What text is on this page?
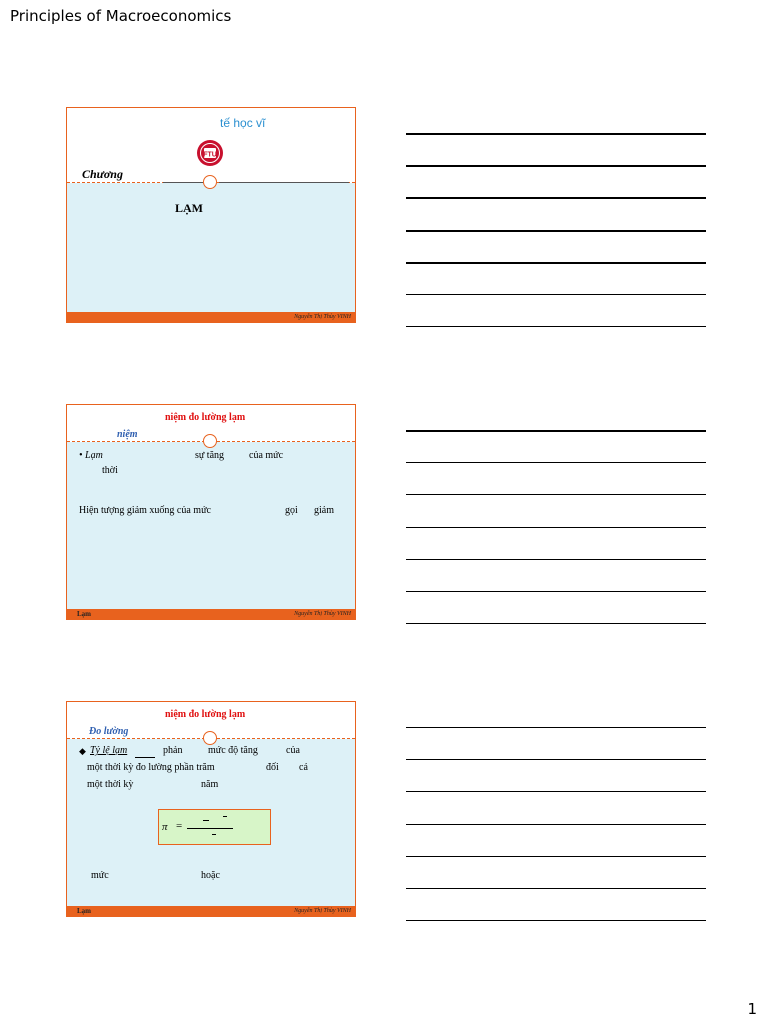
Principles of Macroeconomics
1
tế học vĩ
FTU
Chương
LẠM
Nguyễn Thị Thùy VINH
niệm đo lường lạm
niệm
• Lạm	sự tăng của mức
thời
Hiện tượng giảm xuống của mức	gọi giảm
Lạm	Nguyễn Thị Thùy VINH
niệm đo lường lạm
Đo lường
◆ Tỷ lệ lạm	phản	mức độ tăng	của
một thời kỳ đo lường phần trăm	đối cả
một thời kỳ	năm
π =
mức	hoặc
Lạm	Nguyễn Thị Thùy VINH
